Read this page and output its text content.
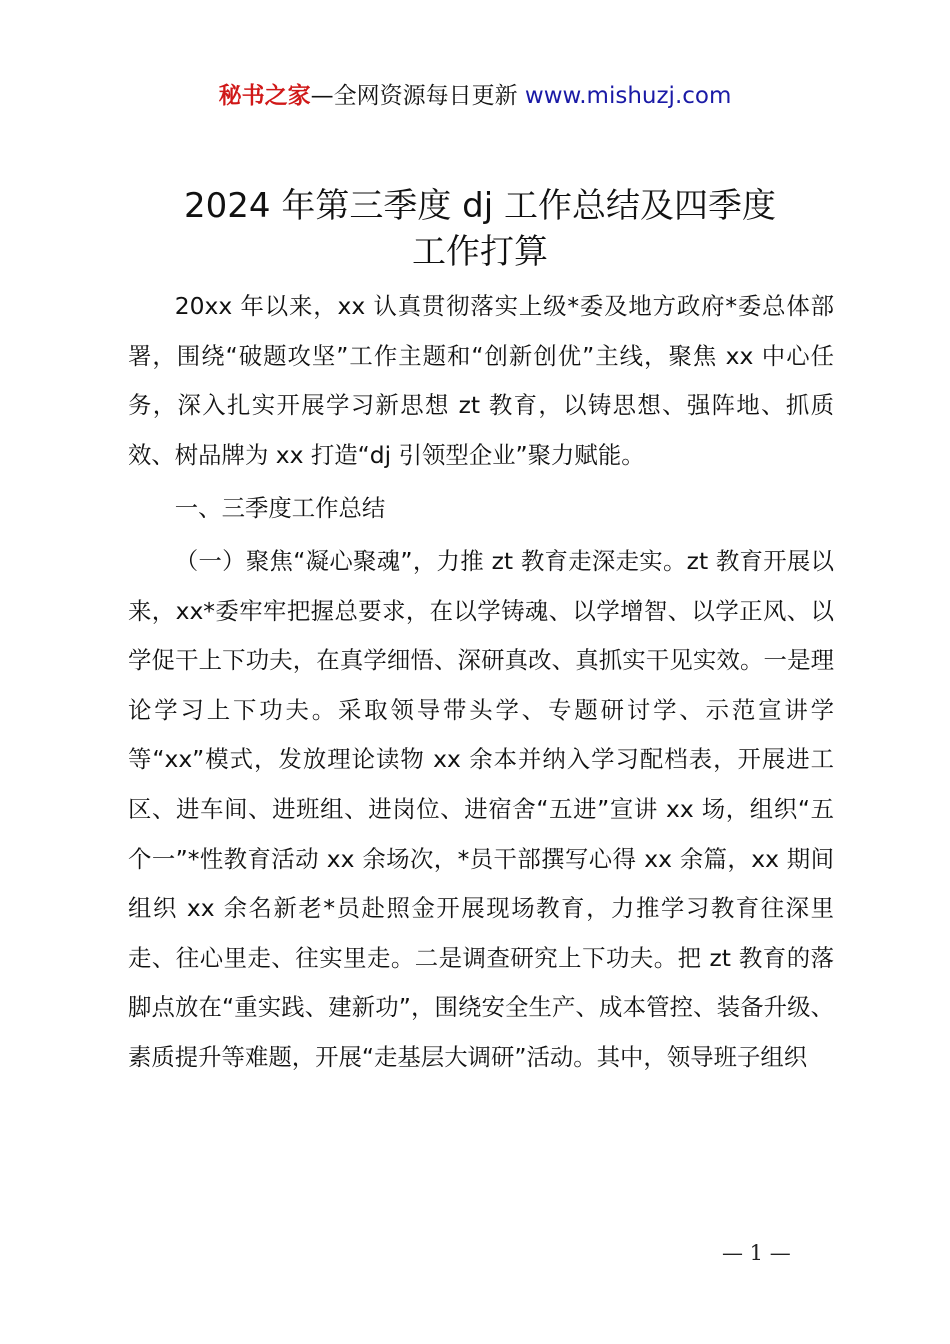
秘书之家—全网资源每日更新 www.mishuzj.com
2024 年第三季度 dj 工作总结及四季度
工作打算

20xx 年以来，xx 认真贯彻落实上级*委及地方政府*委总体部署，围绕“破题攻坚”工作主题和“创新创优”主线，聚焦 xx 中心任务，深入扎实开展学习新思想 zt 教育，以铸思想、强阵地、抓质效、树品牌为 xx 打造“dj 引领型企业”聚力赋能。

一、三季度工作总结

（一）聚焦“凝心聚魂”，力推 zt 教育走深走实。zt 教育开展以来，xx*委牢牢把握总要求，在以学铸魂、以学增智、以学正风、以学促干上下功夫，在真学细悟、深研真改、真抓实干见实效。一是理论学习上下功夫。采取领导带头学、专题研讨学、示范宣讲学等“xx”模式，发放理论读物 xx 余本并纳入学习配档表，开展进工区、进车间、进班组、进岗位、进宿舍“五进”宣讲 xx 场，组织“五个一”*性教育活动 xx 余场次，*员干部撰写心得 xx 余篇，xx 期间组织 xx 余名新老*员赴照金开展现场教育，力推学习教育往深里走、往心里走、往实里走。二是调查研究上下功夫。把 zt 教育的落脚点放在“重实践、建新功”，围绕安全生产、成本管控、装备升级、素质提升等难题，开展“走基层大调研”活动。其中，领导班子组织

— 1 —
